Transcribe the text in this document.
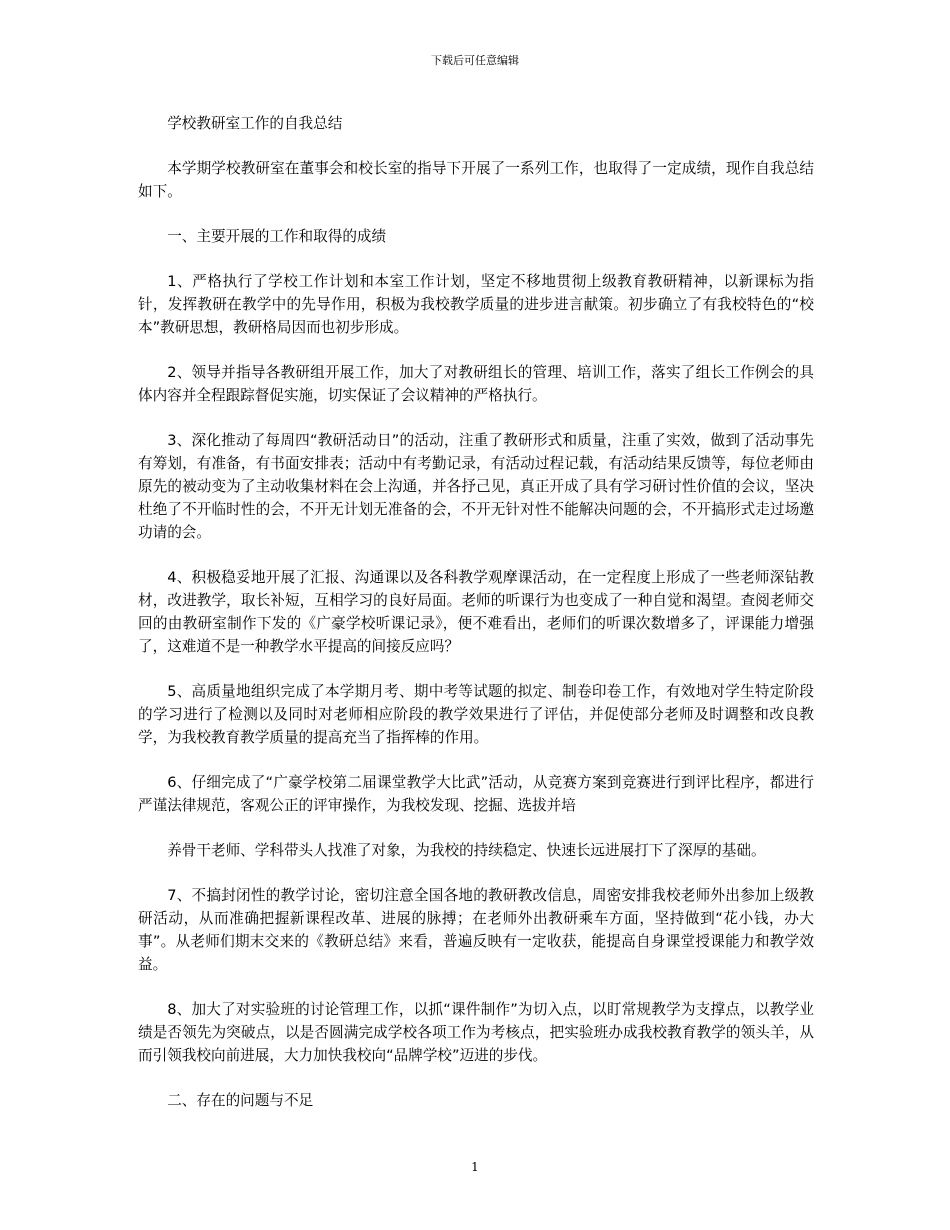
下载后可任意编辑

学校教研室工作的自我总结

本学期学校教研室在董事会和校长室的指导下开展了一系列工作，也取得了一定成绩，现作自我总结如下。

一、主要开展的工作和取得的成绩

1、严格执行了学校工作计划和本室工作计划，坚定不移地贯彻上级教育教研精神，以新课标为指针，发挥教研在教学中的先导作用，积极为我校教学质量的进步进言献策。初步确立了有我校特色的“校本”教研思想，教研格局因而也初步形成。

2、领导并指导各教研组开展工作，加大了对教研组长的管理、培训工作，落实了组长工作例会的具体内容并全程跟踪督促实施，切实保证了会议精神的严格执行。

3、深化推动了每周四“教研活动日”的活动，注重了教研形式和质量，注重了实效，做到了活动事先有筹划，有准备，有书面安排表；活动中有考勤记录，有活动过程记载，有活动结果反馈等，每位老师由原先的被动变为了主动收集材料在会上沟通，并各抒己见，真正开成了具有学习研讨性价值的会议，坚决杜绝了不开临时性的会，不开无计划无准备的会，不开无针对性不能解决问题的会，不开搞形式走过场邀功请的会。

4、积极稳妥地开展了汇报、沟通课以及各科教学观摩课活动，在一定程度上形成了一些老师深钻教材，改进教学，取长补短，互相学习的良好局面。老师的听课行为也变成了一种自觉和渴望。查阅老师交回的由教研室制作下发的《广豪学校听课记录》，便不难看出，老师们的听课次数增多了，评课能力增强了，这难道不是一种教学水平提高的间接反应吗？

5、高质量地组织完成了本学期月考、期中考等试题的拟定、制卷印卷工作，有效地对学生特定阶段的学习进行了检测以及同时对老师相应阶段的教学效果进行了评估，并促使部分老师及时调整和改良教学，为我校教育教学质量的提高充当了指挥棒的作用。

6、仔细完成了“广豪学校第二届课堂教学大比武”活动，从竞赛方案到竞赛进行到评比程序，都进行严谨法律规范，客观公正的评审操作，为我校发现、挖掘、选拔并培

养骨干老师、学科带头人找准了对象，为我校的持续稳定、快速长远进展打下了深厚的基础。

7、不搞封闭性的教学讨论，密切注意全国各地的教研教改信息，周密安排我校老师外出参加上级教研活动，从而准确把握新课程改革、进展的脉搏；在老师外出教研乘车方面，坚持做到“花小钱，办大事”。从老师们期末交来的《教研总结》来看，普遍反映有一定收获，能提高自身课堂授课能力和教学效益。

8、加大了对实验班的讨论管理工作，以抓“课件制作”为切入点，以盯常规教学为支撑点，以教学业绩是否领先为突破点，以是否圆满完成学校各项工作为考核点，把实验班办成我校教育教学的领头羊，从而引领我校向前进展，大力加快我校向“品牌学校”迈进的步伐。

二、存在的问题与不足

1
